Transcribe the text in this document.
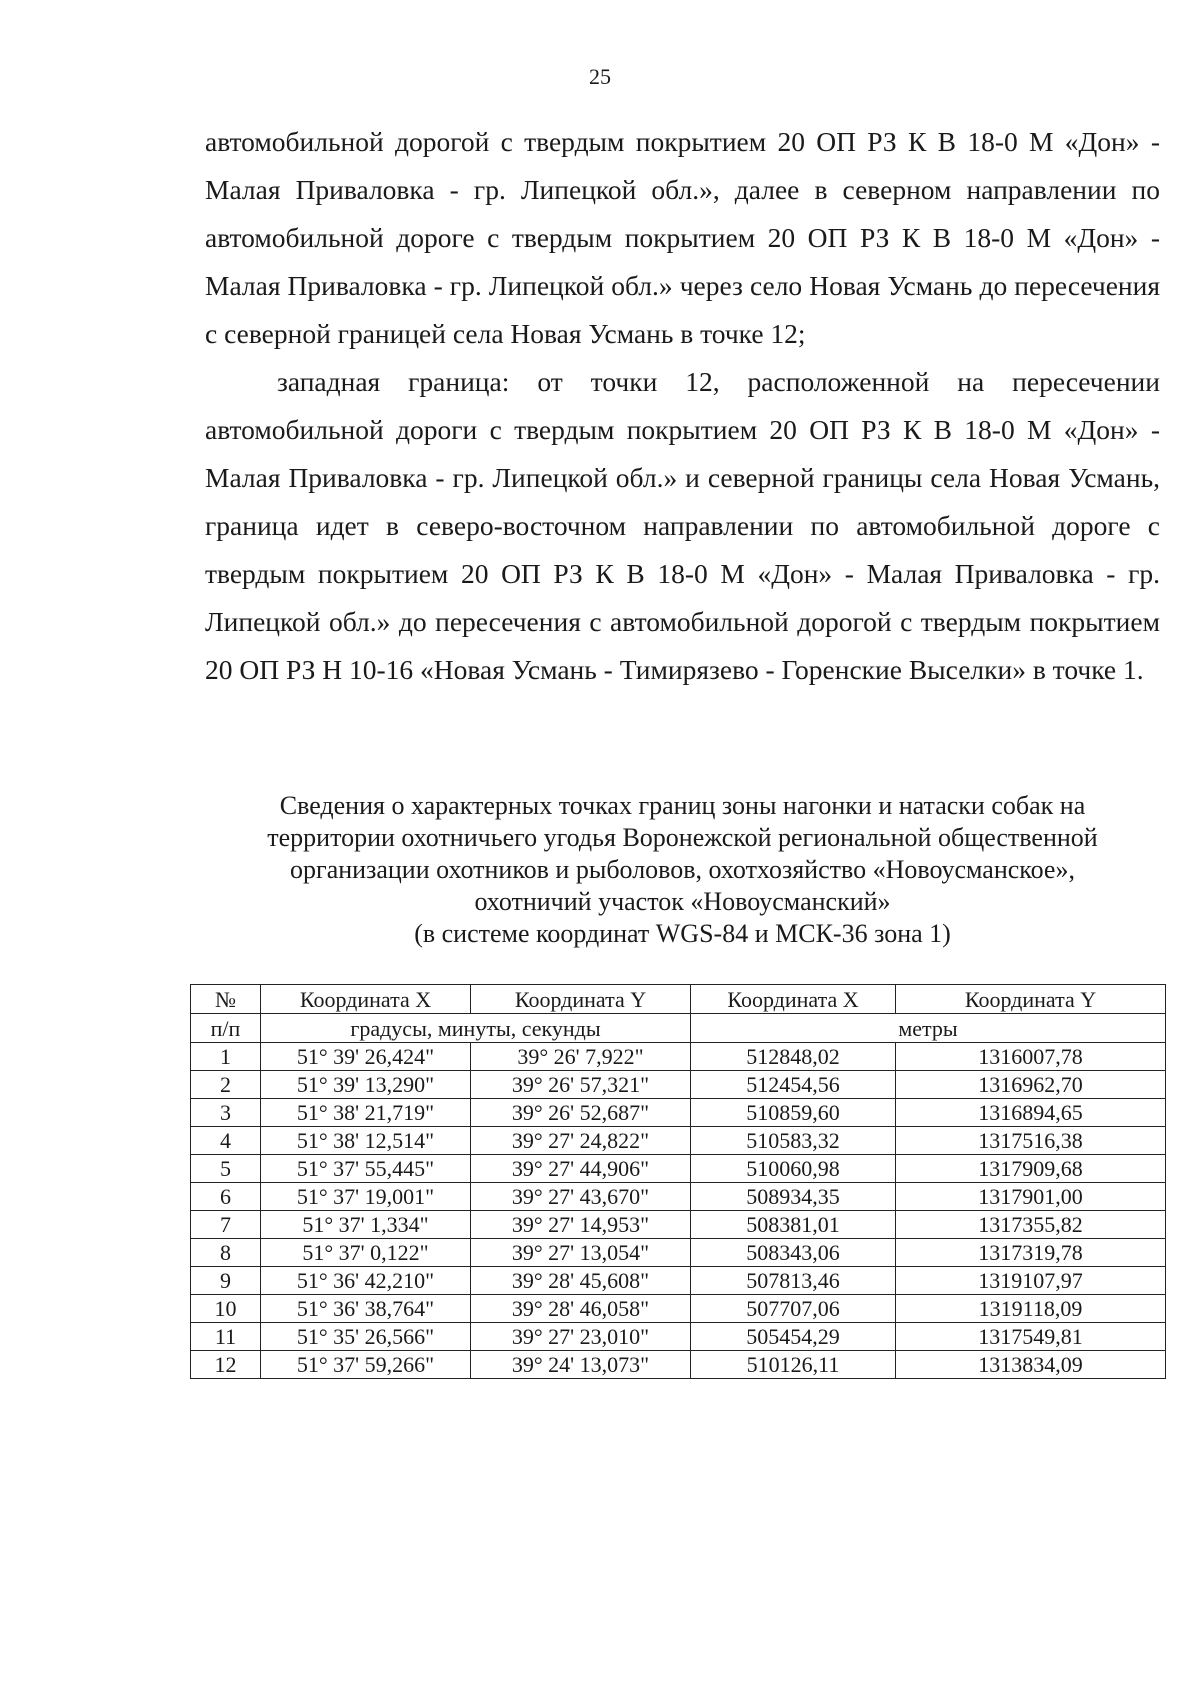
25

автомобильной дорогой с твердым покрытием 20 ОП РЗ К В 18-0 М «Дон» - Малая Приваловка - гр. Липецкой обл.», далее в северном направлении по автомобильной дороге с твердым покрытием 20 ОП РЗ К В 18-0 М «Дон» - Малая Приваловка - гр. Липецкой обл.» через село Новая Усмань до пересечения с северной границей села Новая Усмань в точке 12;

западная граница: от точки 12, расположенной на пересечении автомобильной дороги с твердым покрытием 20 ОП РЗ К В 18-0 М «Дон» - Малая Приваловка - гр. Липецкой обл.» и северной границы села Новая Усмань, граница идет в северо-восточном направлении по автомобильной дороге с твердым покрытием 20 ОП РЗ К В 18-0 М «Дон» - Малая Приваловка - гр. Липецкой обл.» до пересечения с автомобильной дорогой с твердым покрытием 20 ОП РЗ Н 10-16 «Новая Усмань - Тимирязево - Горенские Выселки» в точке 1.

Сведения о характерных точках границ зоны нагонки и натаски собак на
территории охотничьего угодья Воронежской региональной общественной
организации охотников и рыболовов, охотхозяйство «Новоусманское»,
охотничий участок «Новоусманский»
(в системе координат WGS-84 и МСК-36 зона 1)
№	Координата X	Координата Y	Координата X	Координата Y
п/п	градусы, минуты, секунды		метры	
1	51° 39' 26,424"	39° 26' 7,922"	512848,02	1316007,78
2	51° 39' 13,290"	39° 26' 57,321"	512454,56	1316962,70
3	51° 38' 21,719"	39° 26' 52,687"	510859,60	1316894,65
4	51° 38' 12,514"	39° 27' 24,822"	510583,32	1317516,38
5	51° 37' 55,445"	39° 27' 44,906"	510060,98	1317909,68
6	51° 37' 19,001"	39° 27' 43,670"	508934,35	1317901,00
7	51° 37' 1,334"	39° 27' 14,953"	508381,01	1317355,82
8	51° 37' 0,122"	39° 27' 13,054"	508343,06	1317319,78
9	51° 36' 42,210"	39° 28' 45,608"	507813,46	1319107,97
10	51° 36' 38,764"	39° 28' 46,058"	507707,06	1319118,09
11	51° 35' 26,566"	39° 27' 23,010"	505454,29	1317549,81
12	51° 37' 59,266"	39° 24' 13,073"	510126,11	1313834,09
